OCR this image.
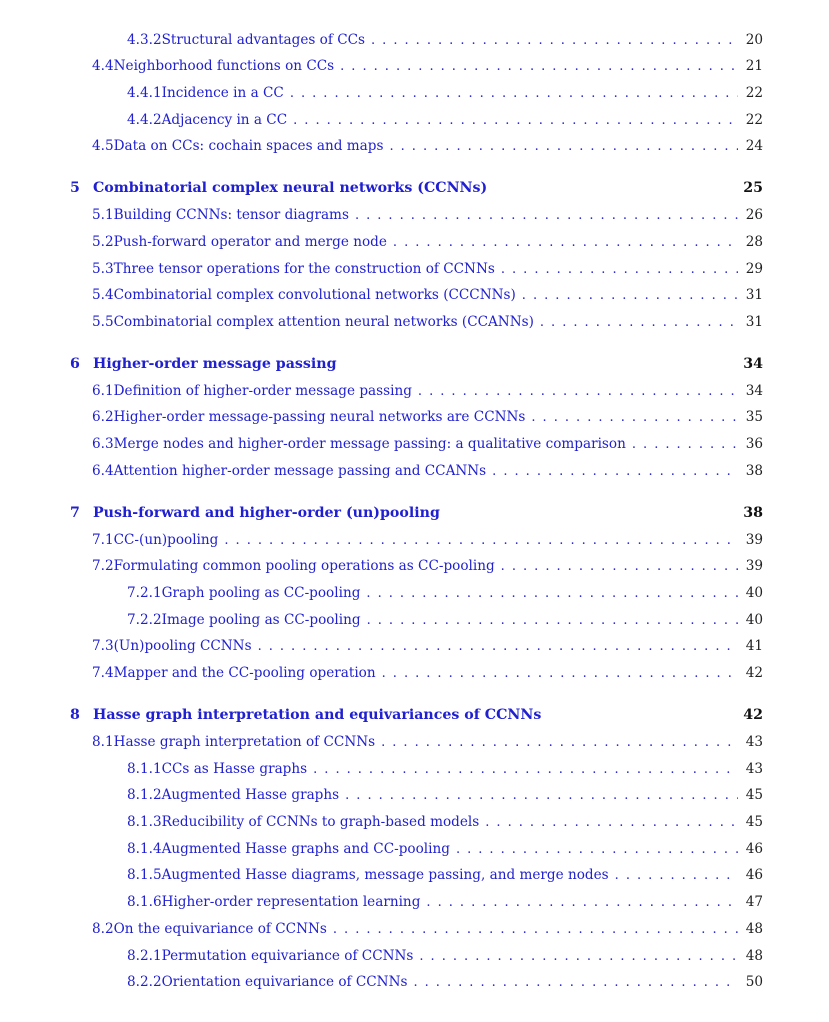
4.3.2 Structural advantages of CCs . . .	20
4.4 Neighborhood functions on CCs . . .	21
4.4.1 Incidence in a CC . . .	22
4.4.2 Adjacency in a CC . . .	22
4.5 Data on CCs: cochain spaces and maps . . .	24
5 Combinatorial complex neural networks (CCNNs)	25
5.1 Building CCNNs: tensor diagrams . . .	26
5.2 Push-forward operator and merge node . . .	28
5.3 Three tensor operations for the construction of CCNNs . . .	29
5.4 Combinatorial complex convolutional networks (CCCNNs) . . .	31
5.5 Combinatorial complex attention neural networks (CCANNs) . . .	31
6 Higher-order message passing	34
6.1 Definition of higher-order message passing . . .	34
6.2 Higher-order message-passing neural networks are CCNNs . . .	35
6.3 Merge nodes and higher-order message passing: a qualitative comparison . . .	36
6.4 Attention higher-order message passing and CCANNs . . .	38
7 Push-forward and higher-order (un)pooling	38
7.1 CC-(un)pooling . . .	39
7.2 Formulating common pooling operations as CC-pooling . . .	39
7.2.1 Graph pooling as CC-pooling . . .	40
7.2.2 Image pooling as CC-pooling . . .	40
7.3 (Un)pooling CCNNs . . .	41
7.4 Mapper and the CC-pooling operation . . .	42
8 Hasse graph interpretation and equivariances of CCNNs	42
8.1 Hasse graph interpretation of CCNNs . . .	43
8.1.1 CCs as Hasse graphs . . .	43
8.1.2 Augmented Hasse graphs . . .	45
8.1.3 Reducibility of CCNNs to graph-based models . . .	45
8.1.4 Augmented Hasse graphs and CC-pooling . . .	46
8.1.5 Augmented Hasse diagrams, message passing, and merge nodes . . .	46
8.1.6 Higher-order representation learning . . .	47
8.2 On the equivariance of CCNNs . . .	48
8.2.1 Permutation equivariance of CCNNs . . .	48
8.2.2 Orientation equivariance of CCNNs . . .	50
